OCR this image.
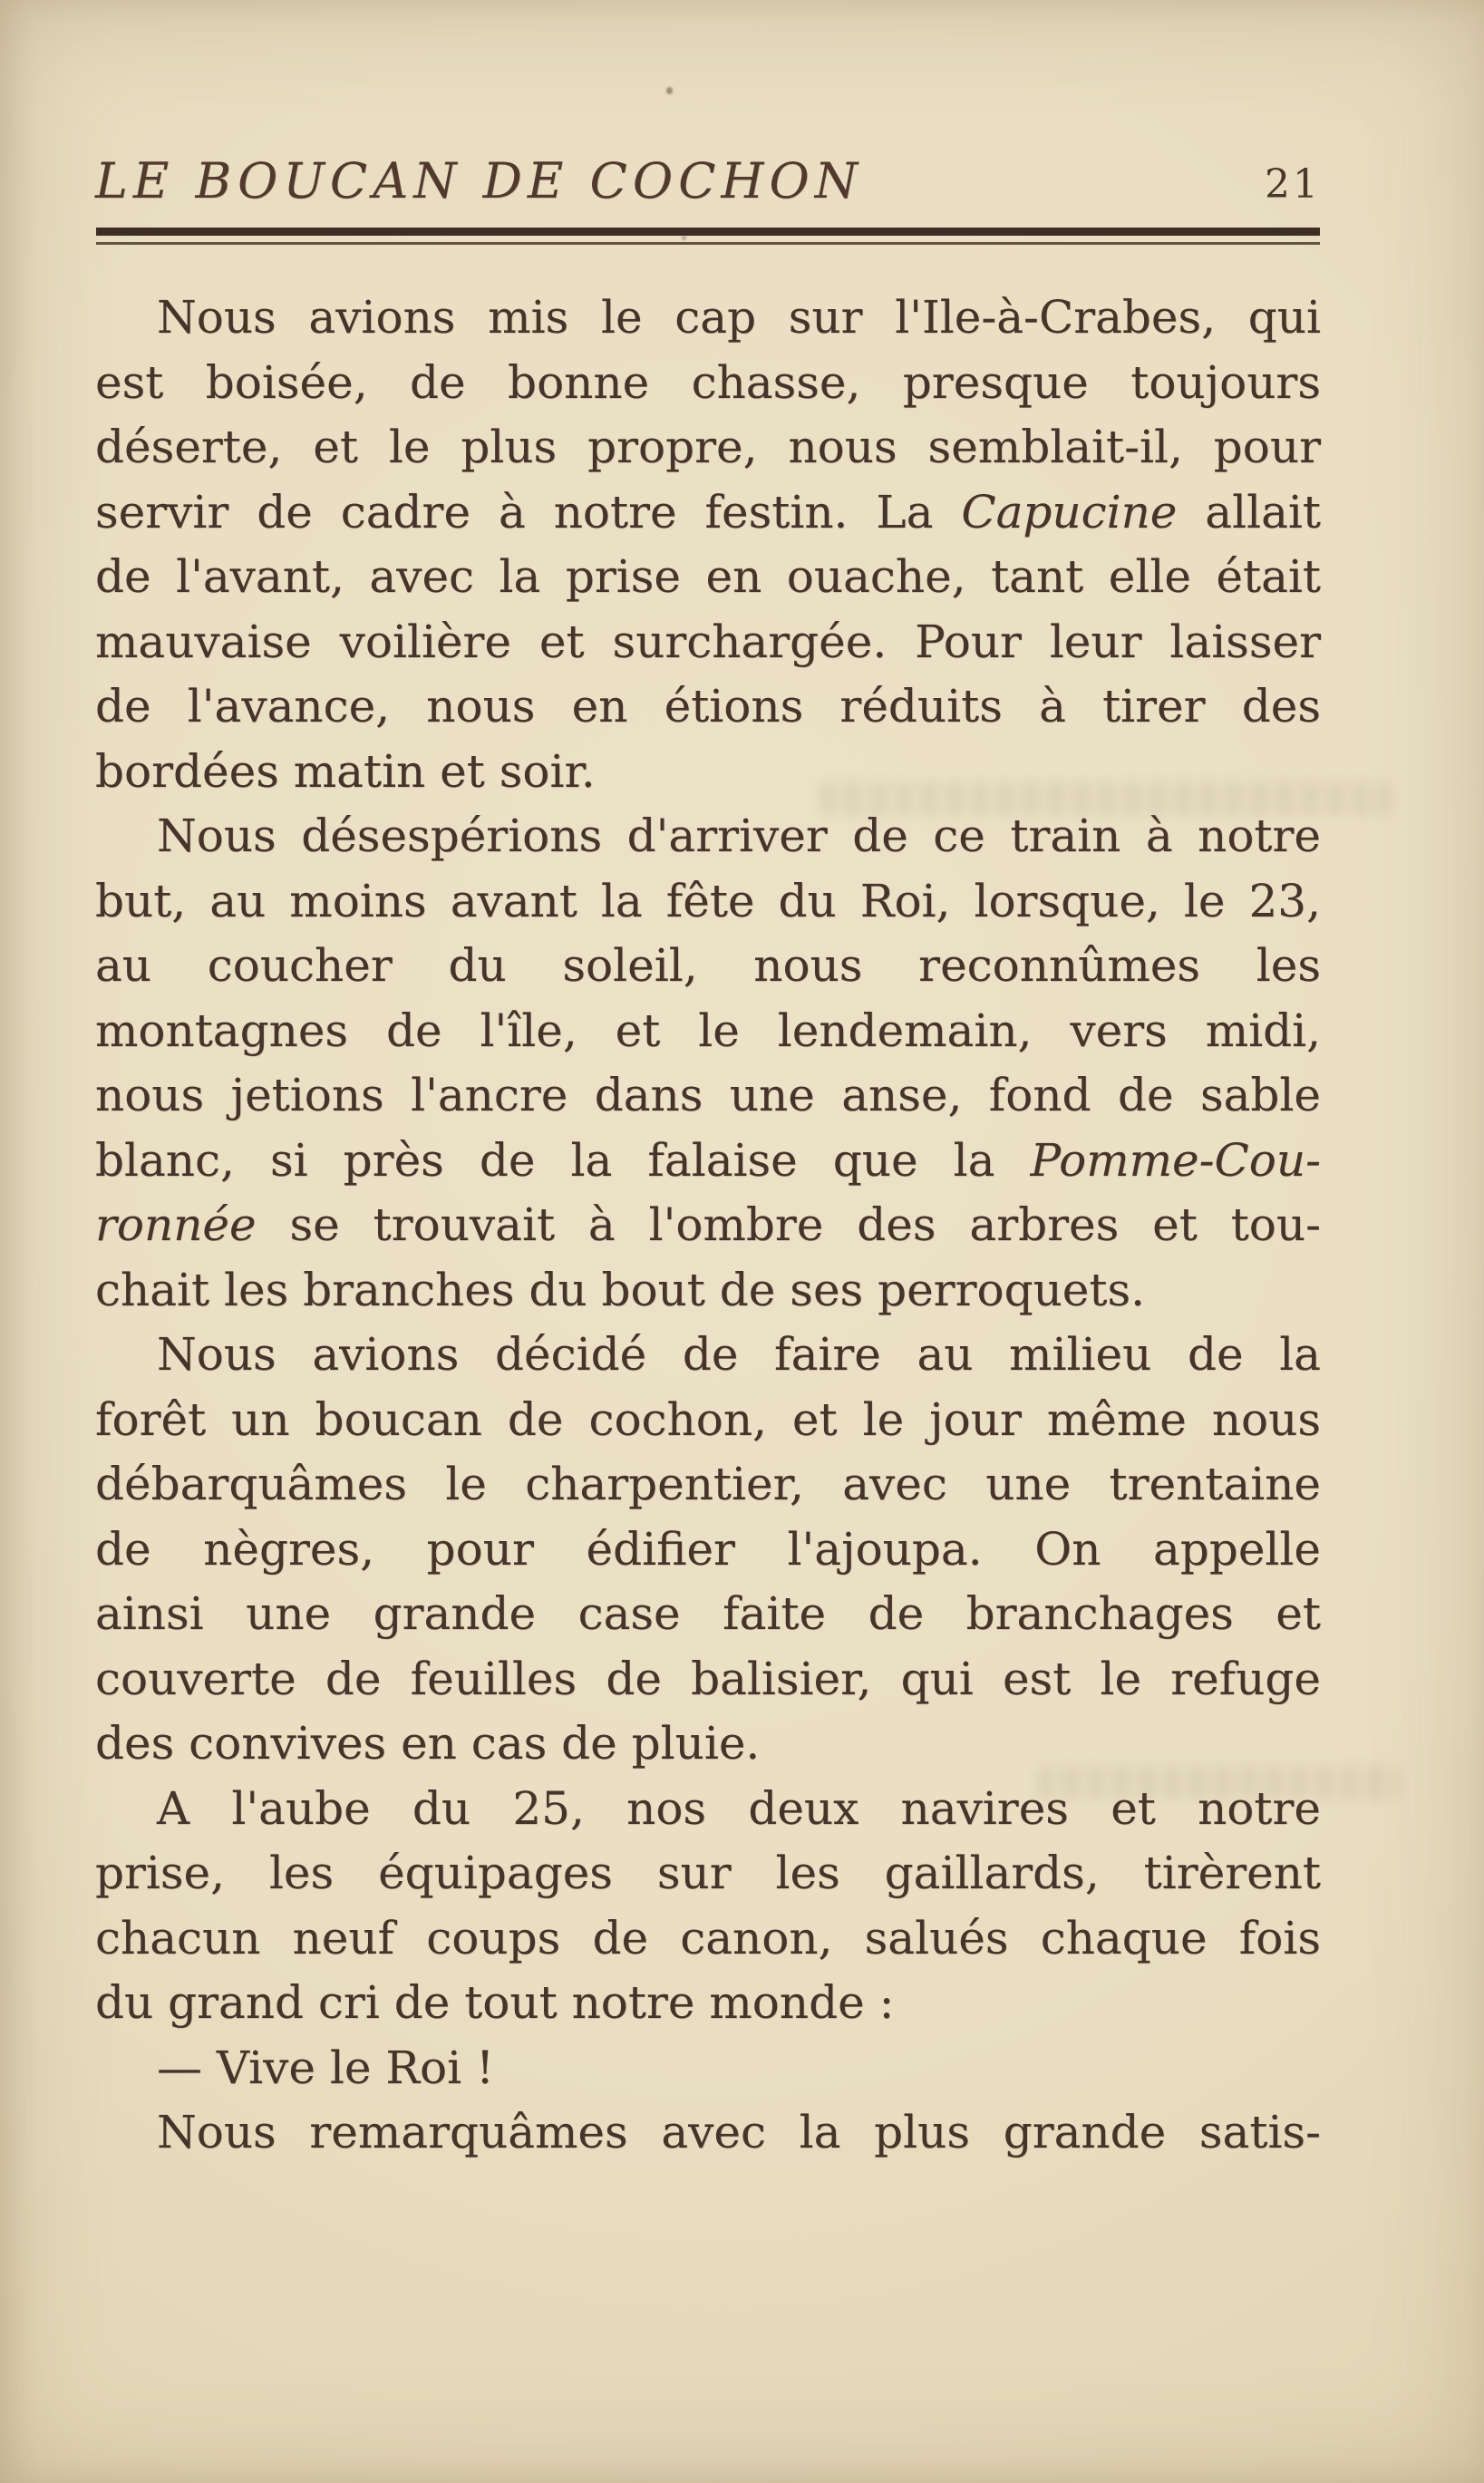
LE BOUCAN DE COCHON	21
Nous avions mis le cap sur l'Ile-à-Crabes, qui
est boisée, de bonne chasse, presque toujours
déserte, et le plus propre, nous semblait-il, pour
servir de cadre à notre festin. La Capucine allait
de l'avant, avec la prise en ouache, tant elle était
mauvaise voilière et surchargée. Pour leur laisser
de l'avance, nous en étions réduits à tirer des
bordées matin et soir.
Nous désespérions d'arriver de ce train à notre
but, au moins avant la fête du Roi, lorsque, le 23,
au coucher du soleil, nous reconnûmes les
montagnes de l'île, et le lendemain, vers midi,
nous jetions l'ancre dans une anse, fond de sable
blanc, si près de la falaise que la Pomme-Cou-
ronnée se trouvait à l'ombre des arbres et tou-
chait les branches du bout de ses perroquets.
Nous avions décidé de faire au milieu de la
forêt un boucan de cochon, et le jour même nous
débarquâmes le charpentier, avec une trentaine
de nègres, pour édifier l'ajoupa. On appelle
ainsi une grande case faite de branchages et
couverte de feuilles de balisier, qui est le refuge
des convives en cas de pluie.
A l'aube du 25, nos deux navires et notre
prise, les équipages sur les gaillards, tirèrent
chacun neuf coups de canon, salués chaque fois
du grand cri de tout notre monde :
— Vive le Roi !
Nous remarquâmes avec la plus grande satis-
